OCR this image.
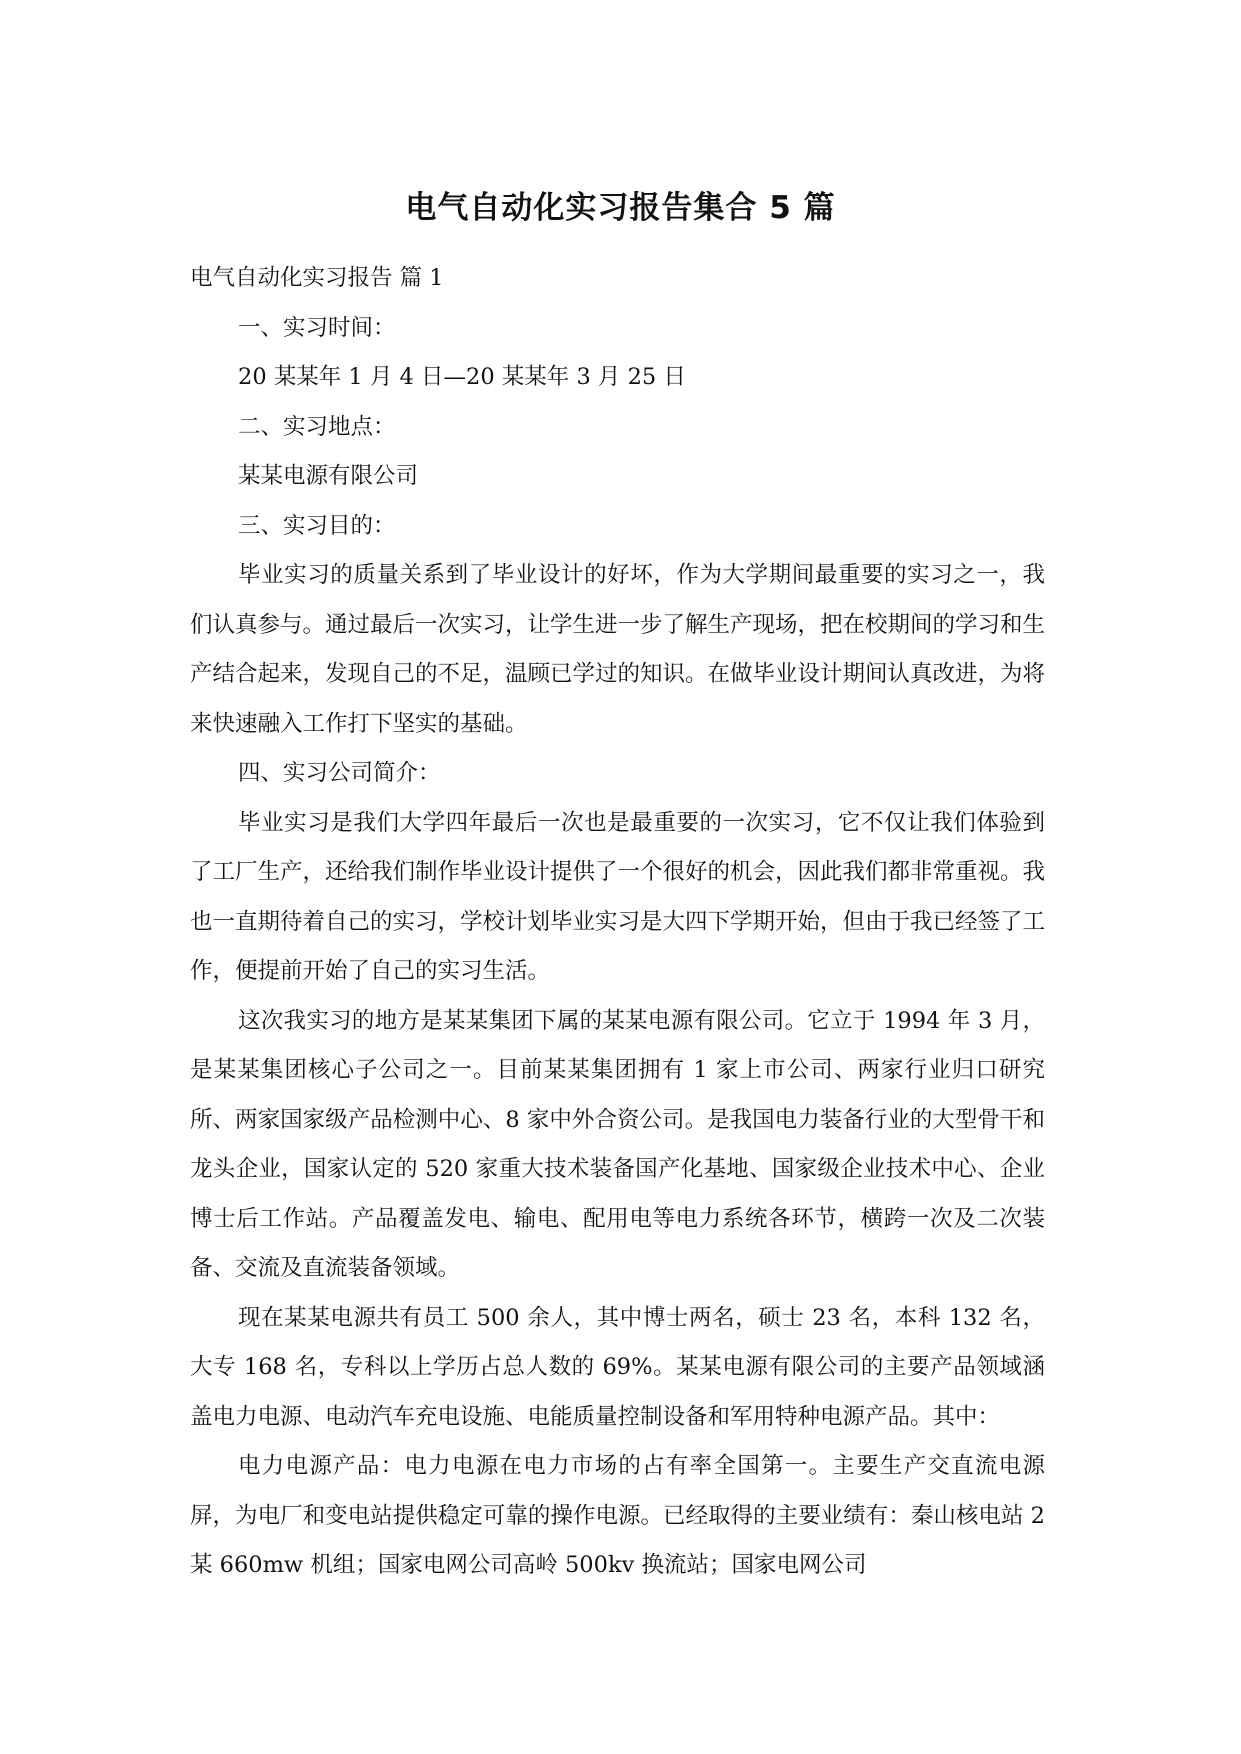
电气自动化实习报告集合 5 篇
电气自动化实习报告 篇 1
一、实习时间：
20 某某年 1 月 4 日—20 某某年 3 月 25 日
二、实习地点：
某某电源有限公司
三、实习目的：

毕业实习的质量关系到了毕业设计的好坏，作为大学期间最重要的实习之一，我们认真参与。通过最后一次实习，让学生进一步了解生产现场，把在校期间的学习和生产结合起来，发现自己的不足，温顾已学过的知识。在做毕业设计期间认真改进，为将来快速融入工作打下坚实的基础。

四、实习公司简介：

毕业实习是我们大学四年最后一次也是最重要的一次实习，它不仅让我们体验到了工厂生产，还给我们制作毕业设计提供了一个很好的机会，因此我们都非常重视。我也一直期待着自己的实习，学校计划毕业实习是大四下学期开始，但由于我已经签了工作，便提前开始了自己的实习生活。

这次我实习的地方是某某集团下属的某某电源有限公司。它立于 1994 年 3 月，是某某集团核心子公司之一。目前某某集团拥有 1 家上市公司、两家行业归口研究所、两家国家级产品检测中心、8 家中外合资公司。是我国电力装备行业的大型骨干和龙头企业，国家认定的 520 家重大技术装备国产化基地、国家级企业技术中心、企业博士后工作站。产品覆盖发电、输电、配用电等电力系统各环节，横跨一次及二次装备、交流及直流装备领域。

现在某某电源共有员工 500 余人，其中博士两名，硕士 23 名，本科 132 名，大专 168 名，专科以上学历占总人数的 69%。某某电源有限公司的主要产品领域涵盖电力电源、电动汽车充电设施、电能质量控制设备和军用特种电源产品。其中：

电力电源产品：电力电源在电力市场的占有率全国第一。主要生产交直流电源屏，为电厂和变电站提供稳定可靠的操作电源。已经取得的主要业绩有：秦山核电站 2 某 660mw 机组；国家电网公司高岭 500kv 换流站；国家电网公司
